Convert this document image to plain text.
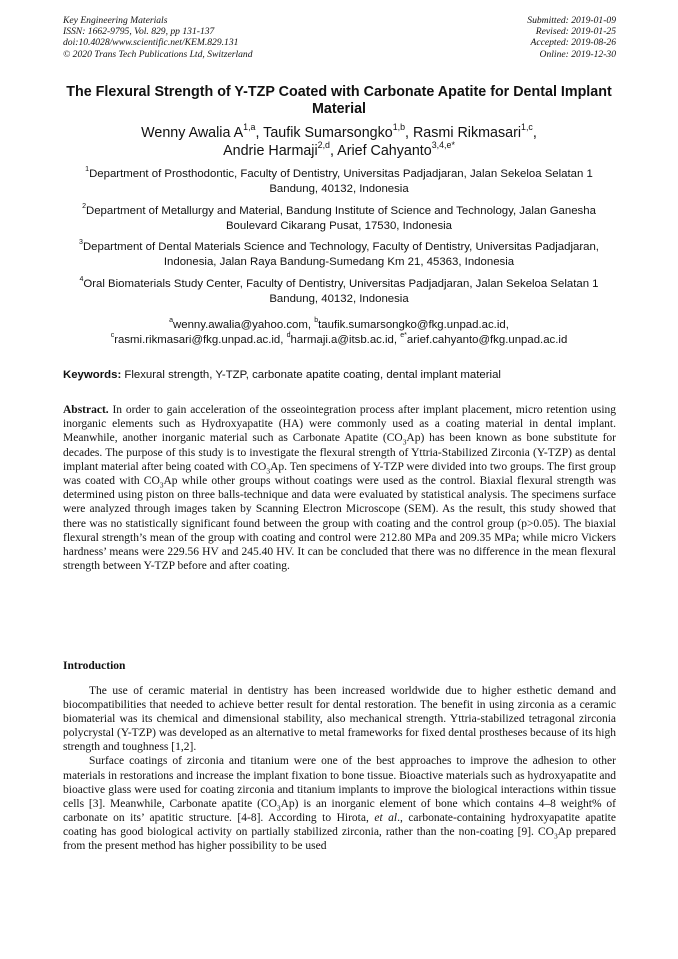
Key Engineering Materials
ISSN: 1662-9795, Vol. 829, pp 131-137
doi:10.4028/www.scientific.net/KEM.829.131
© 2020 Trans Tech Publications Ltd, Switzerland
Submitted: 2019-01-09
Revised: 2019-01-25
Accepted: 2019-08-26
Online: 2019-12-30
The Flexural Strength of Y-TZP Coated with Carbonate Apatite for Dental Implant Material
Wenny Awalia A$^{1,a}$, Taufik Sumarsongko$^{1,b}$, Rasmi Rikmasari$^{1,c}$,
Andrie Harmaji$^{2,d}$, Arief Cahyanto$^{3,4,e*}$
$^1$Department of Prosthodontic, Faculty of Dentistry, Universitas Padjadjaran, Jalan Sekeloa Selatan 1 Bandung, 40132, Indonesia
$^2$Department of Metallurgy and Material, Bandung Institute of Science and Technology, Jalan Ganesha Boulevard Cikarang Pusat, 17530, Indonesia
$^3$Department of Dental Materials Science and Technology, Faculty of Dentistry, Universitas Padjadjaran, Indonesia, Jalan Raya Bandung-Sumedang Km 21, 45363, Indonesia
$^4$Oral Biomaterials Study Center, Faculty of Dentistry, Universitas Padjadjaran, Jalan Sekeloa Selatan 1 Bandung, 40132, Indonesia
$^a$wenny.awalia@yahoo.com, $^b$taufik.sumarsongko@fkg.unpad.ac.id,
$^c$rasmi.rikmasari@fkg.unpad.ac.id, $^d$harmaji.a@itsb.ac.id, $^{e*}$arief.cahyanto@fkg.unpad.ac.id
Keywords: Flexural strength, Y-TZP, carbonate apatite coating, dental implant material
Abstract. In order to gain acceleration of the osseointegration process after implant placement, micro retention using inorganic elements such as Hydroxyapatite (HA) were commonly used as a coating material in dental implant. Meanwhile, another inorganic material such as Carbonate Apatite $(CO_3Ap)$ has been known as bone substitute for decades. The purpose of this study is to investigate the flexural strength of Yttria-Stabilized Zirconia (Y-TZP) as dental implant material after being coated with $CO_3Ap$. Ten specimens of Y-TZP were divided into two groups. The first group was coated with $CO_3Ap$ while other groups without coatings were used as the control. Biaxial flexural strength was determined using piston on three balls-technique and data were evaluated by statistical analysis. The specimens surface were analyzed through images taken by Scanning Electron Microscope (SEM). As the result, this study showed that there was no statistically significant found between the group with coating and the control group (p>0.05). The biaxial flexural strength’s mean of the group with coating and control were 212.80 MPa and 209.35 MPa; while micro Vickers hardness’ means were 229.56 HV and 245.40 HV. It can be concluded that there was no difference in the mean flexural strength between Y-TZP before and after coating.
Introduction

The use of ceramic material in dentistry has been increased worldwide due to higher esthetic demand and biocompatibilities that needed to achieve better result for dental restoration. The benefit in using zirconia as a ceramic biomaterial was its chemical and dimensional stability, also mechanical strength. Yttria-stabilized tetragonal zirconia polycrystal (Y-TZP) was developed as an alternative to metal frameworks for fixed dental prostheses because of its high strength and toughness [1,2].

Surface coatings of zirconia and titanium were one of the best approaches to improve the adhesion to other materials in restorations and increase the implant fixation to bone tissue. Bioactive materials such as hydroxyapatite and bioactive glass were used for coating zirconia and titanium implants to improve the biological interactions within tissue cells [3]. Meanwhile, Carbonate apatite $(CO_3Ap)$ is an inorganic element of bone which contains 4–8 weight% of carbonate on its’ apatitic structure. [4-8]. According to Hirota, et al., carbonate-containing hydroxyapatite apatite coating has good biological activity on partially stabilized zirconia, rather than the non-coating [9]. $CO_3Ap$ prepared from the present method has higher possibility to be used
